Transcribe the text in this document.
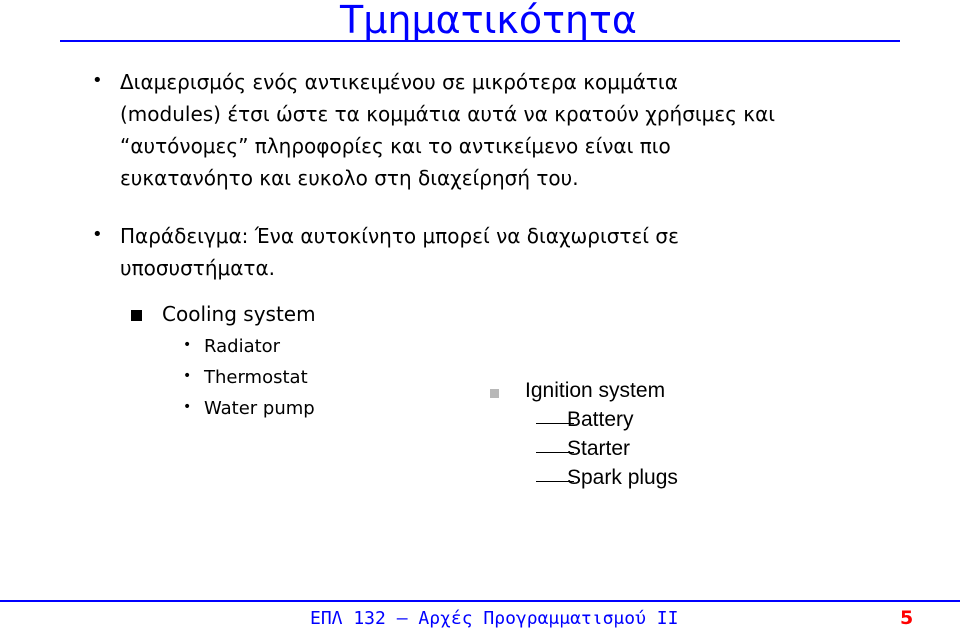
Τμηματικότητα
• Διαμερισμός ενός αντικειμένου σε μικρότερα κομμάτια
(modules) έτσι ώστε τα κομμάτια αυτά να κρατούν χρήσιμες και
“αυτόνομες” πληροφορίες και το αντικείμενο είναι πιο
ευκατανόητο και ευκολο στη διαχείρησή του.
• Παράδειγμα: Ένα αυτοκίνητο μπορεί να διαχωριστεί σε
υποσυστήματα.
Cooling system
• Radiator
• Thermostat
• Water pump
Ignition system
Battery
Starter
Spark plugs
ΕΠΛ 132 – Αρχές Προγραμματισμού ΙΙ	5
